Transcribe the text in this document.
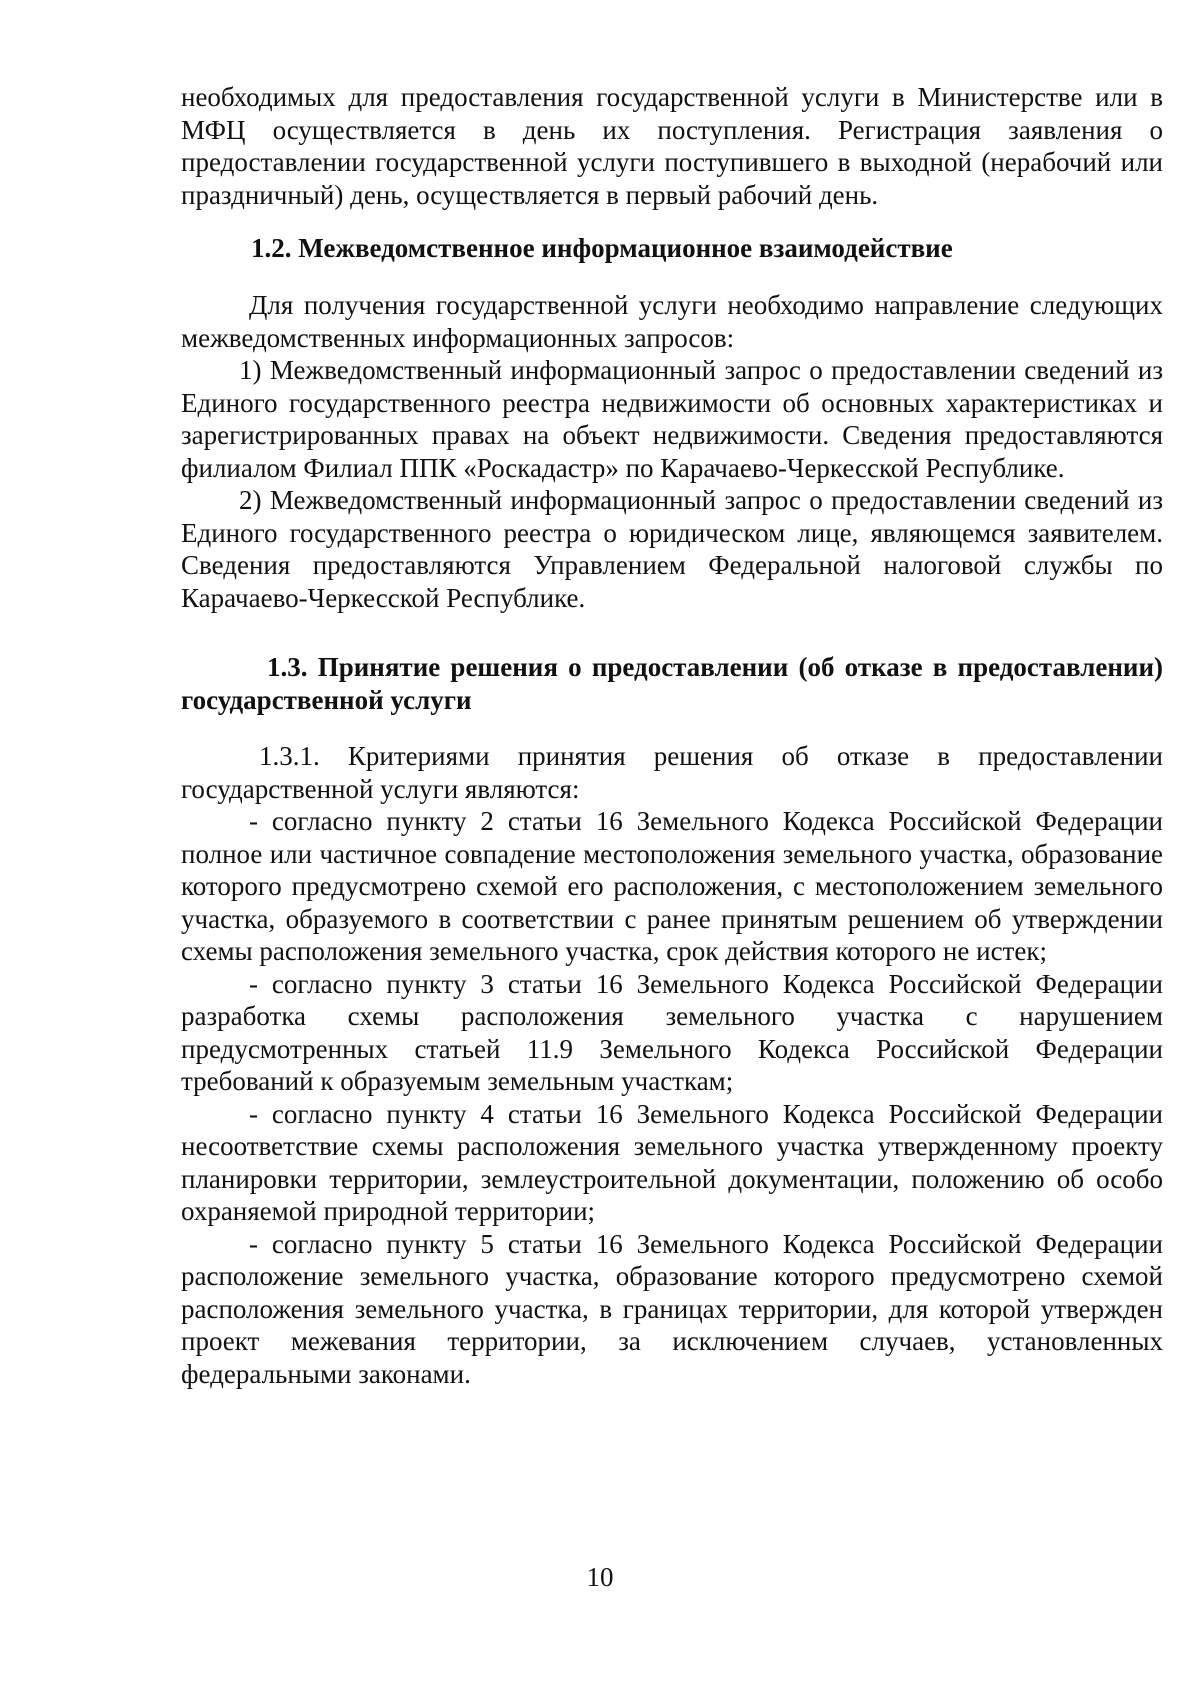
необходимых для предоставления государственной услуги в Министерстве или в МФЦ осуществляется в день их поступления. Регистрация заявления о предоставлении государственной услуги поступившего в выходной (нерабочий или праздничный) день, осуществляется в первый рабочий день.

1.2. Межведомственное информационное взаимодействие

Для получения государственной услуги необходимо направление следующих межведомственных информационных запросов:

1) Межведомственный информационный запрос о предоставлении сведений из Единого государственного реестра недвижимости об основных характеристиках и зарегистрированных правах на объект недвижимости. Сведения предоставляются филиалом Филиал ППК «Роскадастр» по Карачаево-Черкесской Республике.

2) Межведомственный информационный запрос о предоставлении сведений из Единого государственного реестра о юридическом лице, являющемся заявителем. Сведения предоставляются Управлением Федеральной налоговой службы по Карачаево-Черкесской Республике.

1.3. Принятие решения о предоставлении (об отказе в предоставлении) государственной услуги

1.3.1. Критериями принятия решения об отказе в предоставлении государственной услуги являются:

- согласно пункту 2 статьи 16 Земельного Кодекса Российской Федерации полное или частичное совпадение местоположения земельного участка, образование которого предусмотрено схемой его расположения, с местоположением земельного участка, образуемого в соответствии с ранее принятым решением об утверждении схемы расположения земельного участка, срок действия которого не истек;

- согласно пункту 3 статьи 16 Земельного Кодекса Российской Федерации разработка схемы расположения земельного участка с нарушением предусмотренных статьей 11.9 Земельного Кодекса Российской Федерации требований к образуемым земельным участкам;

- согласно пункту 4 статьи 16 Земельного Кодекса Российской Федерации несоответствие схемы расположения земельного участка утвержденному проекту планировки территории, землеустроительной документации, положению об особо охраняемой природной территории;

- согласно пункту 5 статьи 16 Земельного Кодекса Российской Федерации расположение земельного участка, образование которого предусмотрено схемой расположения земельного участка, в границах территории, для которой утвержден проект межевания территории, за исключением случаев, установленных федеральными законами.

10
